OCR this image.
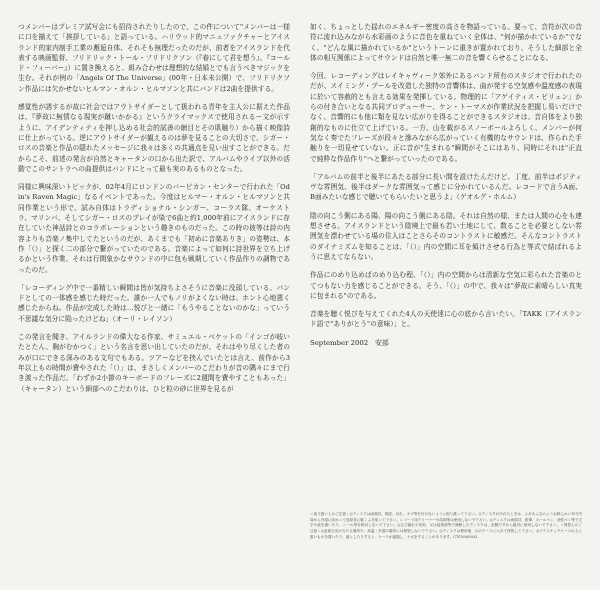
つメンバーはプレミア試写会にも招待されたりしたので、この件について"メンバーは一様に口を揃えて「挨拶している」と語っている。ハリウッド的マニュファクチャーとアイスランド的家内制手工業の邂逅自体、それそも無理だったのだが、前者をアイスランドを代表する映画監督、フリドリック・トール・フリドリクソン（『春にして君を想う』、『コールド・フィーバー』）に置き換えると、組み合わせは理想的な結婚とでも言うべきマジックを生む。それが例の「Angels Of The Universe」(00年・日本未公開）で、フリドリクソン作品には欠かせないヒルマン・オルン・ヒルマソンと共にバンドは2曲を提供する。

感覚性が誘するが故に社会ではアウトサイダーとして扱われる青年を主人公に据えた作品は、『夢故に無情なる現実が蹴いかかる』というクライマックスで使用されるー文が示すように、アイデンティティを押し込める社会的試善の網目とその肌触り）から描く映像詩に仕上がっている。逆にアウトサイダーが観えるのは夢を見ることの大切さで、シガー・ロスの音楽と作品の隠れたメッセージに我々は多くの共通点を見い出すことができる。だからこそ、前述の発言が自然とキャータンの口から出た訳で、アルバムやライブ以外の活動でこのサントラへの曲提供はバンドにとって最も実のあるものとなった。

同様に興味深いトピックが、02年4月にロンドンのバービカン・センターで行われた「Odin's Raven Magic」なるイベントであった。今度はヒルマー・オルン・ヒルマソンと共同作業という形で、試み自体はトラディショナル・シンガー、コーラス隊、オーケストラ、マリンバ、そしてシガー・ロスのプレイが染で6曲と約1,000年前にアイスランドに存在していた神話詩とのコラボレーションという趣きのものだった。この時の彼等は詩の内容よりも音楽ノ集中してたというのだが、あくまでも「初めに音楽ありき」の姿勢は、本作「（）」と探く二の部分で繋がっていたのである。音楽によって如何に詩世界を立ち上げるかという作業、それは行間象かなサウンドの中に包も戦期していく作品作りの調物であったのだ。

「レコーディング中で一番精しい瞬間は皆が気持ちよさそうに音楽に没頭している、バンドとしての一体感を感じた時だった。誰か一人でもノリがよくない時は、ホント心地悪く感じたからね。作品が完成した時は…悦びと一緒に「もうやることないのかな」っていう不思議な気分に陥ったけどね」（オーリ・レイソン）

この発言を聞き、アイルランドの偉大なる作家、サミュエル・ベケットの「インゴが岐いたとたん、胸がむかつく」という名言を思い出していたのだが、それはやり尽くした者のみが口にできる深みのある文句でもある。ツアーなどを挟んでいたとは言え、前作から3年以上もの時間が費やされた「（）」は、まさしくメンバーのこだわりが音の隅々にまで行き渡った作品だ。「わずか2小節のキーボードのフレーズに2週間を費やすこともあった」（キャータン）という細部へのこだわりは、ひと粒の砂に世界を見るが

如く、ちょっとした揺れのエネルギー密度の高さを物語っている。要って、音符が次の音符に流れ込みながら水彩画のように音色を重ねていく全体は、"何が描かれているか"でなく、"どんな風に描かれているか"というトーンに重きが置かれており、そうした細部と全体の相互関係によってサウンドは自然と唯一無二の音を響くらせることになる。

今回、レコーディングはレイキャヴィーク郊外にあるバンド所有のスタジオで行われたのだが、スイミング・プールを改造した独特の音響体は、曲が発する空気感や温度感の表現に於いて容赦的とも言える効果を発揮している。物理的に「アゲイティス・ビリュン」からの付き合いとなる共同プロデューサー、ケン・トーマスが作業状況を把握し易いだけでなく、音響的にも他に類を見ない広がりを得ることができるスタジオは、音自体をより独創的なものに仕立て上げている。一方、山を載がるスノーボールよろしく、メンバーが何気なく奏でたフレーズが段々と滲みながら広がっていく有機的なサウンドは、作られた手触りを一切見せていない。正に音が"生まれる"瞬間がそこにはあり、同時にそれは"正直で純粋な作品作り"へと繋がっていったのである。

「アルバムの前半と後半にあたる部分に長い間を設けたんだけど、丁度、前半はポジティヴな雰囲気、後半はダークな雰囲気って感じに分かれているんだ。レコードで言うA面、B面みたいな感じで聴いてもらいたいと思うよ」（ゲオルグ・ホルム）

陰の向こう側にある陽、陽の向こう側にある陰。それは自然の様、または人間の心をも連想させる。アイスランドという陰境上で最も若い土地にして、数ることを必要としない雰囲気を漂わせている場の住人はことさらそのコントラストに敏感だ。そんなコントラストのダイナミズムを知ることは、「（）」内の空間に耳を傾けさせる行為と等式で結ばれるように思えてならない。

作品にのめり込めばのめり込む程、「（）」内の空間からは清新な空気に彩られた音楽のとてつもない力を感じることができる。そう、「（）」の中で、我々は"夢故に素晴らしい真実に包まれる"のである。

音楽を聴く悦びを与えてくれた4人の天使達に心の底から言いたい。「TAKK（アイスランド語で"ありがとう"の意味）」と。

September 2002　安部

＜取り扱い上のご注意＞◎ディスクは両面共、指紋、汚れ、キズ等を付けないように取り扱って下さい。◎ディスクが汚れたときは、メガネふきのような軟らかい布で内周から外周に向かって放射状に軽くふき取って下さい。レコード用クリーナーや溶剤等は使用しないで下さい。◎ディスクは両面共、鉛筆、ボールペン、油性ペン等で文字や絵を書いたり、シール等を貼付しないで下さい。◎ひび割れや変形、又は接着剤等で補修したディスクは、危険ですから絶対に使用しないで下さい。＜保管上のご注意＞◎直射日光の当たる場所や、高温・多湿の場所には保管しないで下さい。◎ディスクは使用後、元のケースに入れて保管して下さい。◎ブラスチックケースの上に重いものを置いたり、落としたりすると、ケースが破損し、ケガをすることがあります。CTCM-65032
